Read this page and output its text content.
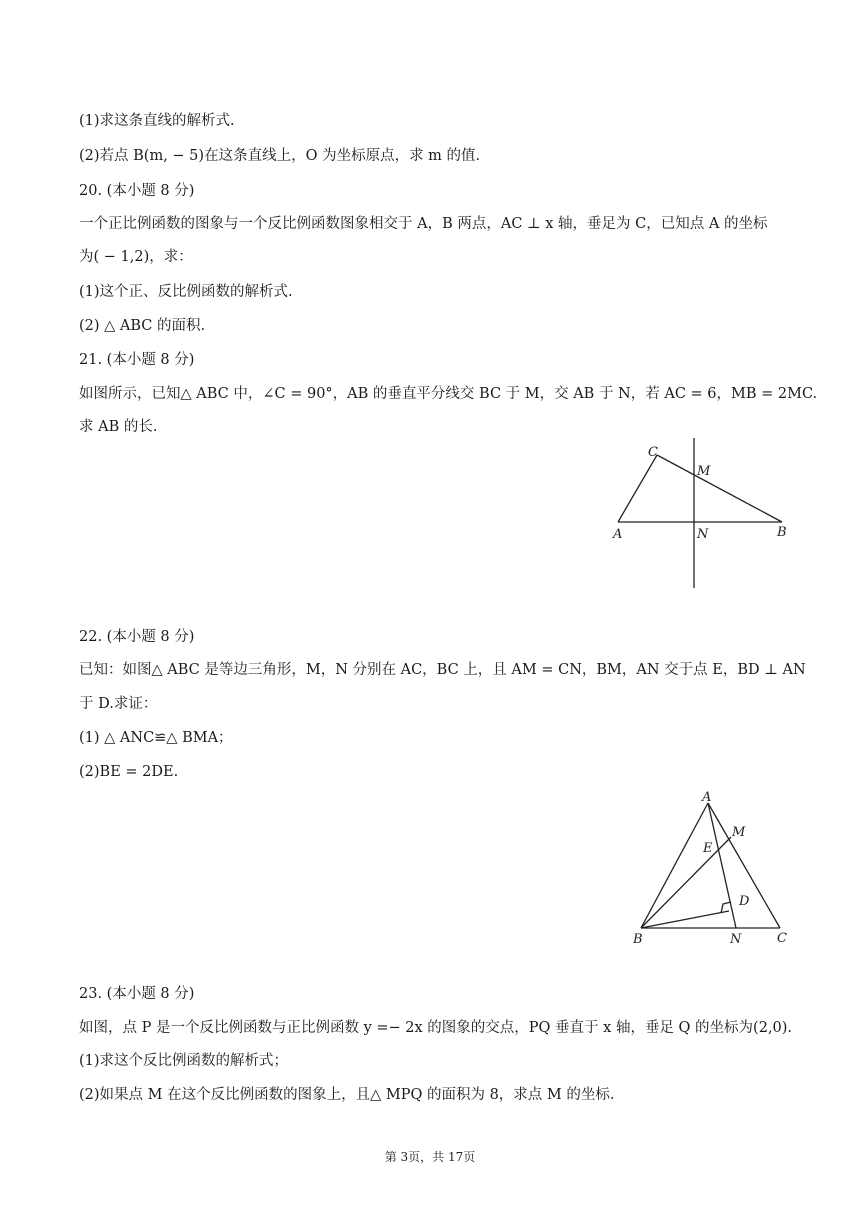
(1)求这条直线的解析式.
(2)若点 B(m, − 5)在这条直线上，O 为坐标原点，求 m 的值.
20. (本小题 8 分)
一个正比例函数的图象与一个反比例函数图象相交于 A，B 两点，AC ⊥ x 轴，垂足为 C，已知点 A 的坐标
为( − 1,2)，求：
(1)这个正、反比例函数的解析式.
(2) △ ABC 的面积.
21. (本小题 8 分)
如图所示，已知△ ABC 中，∠C = 90°，AB 的垂直平分线交 BC 于 M，交 AB 于 N，若 AC = 6，MB = 2MC.
求 AB 的长.
C
M
A	N	B
22. (本小题 8 分)
已知：如图△ ABC 是等边三角形，M，N 分别在 AC，BC 上，且 AM = CN，BM，AN 交于点 E，BD ⊥ AN
于 D.求证：
(1) △ ANC≌△ BMA；
(2)BE = 2DE.
A
M
E
D
B	N	C
23. (本小题 8 分)
如图，点 P 是一个反比例函数与正比例函数 y =− 2x 的图象的交点，PQ 垂直于 x 轴，垂足 Q 的坐标为(2,0).
(1)求这个反比例函数的解析式；
(2)如果点 M 在这个反比例函数的图象上，且△ MPQ 的面积为 8，求点 M 的坐标.
第 3页，共 17页
